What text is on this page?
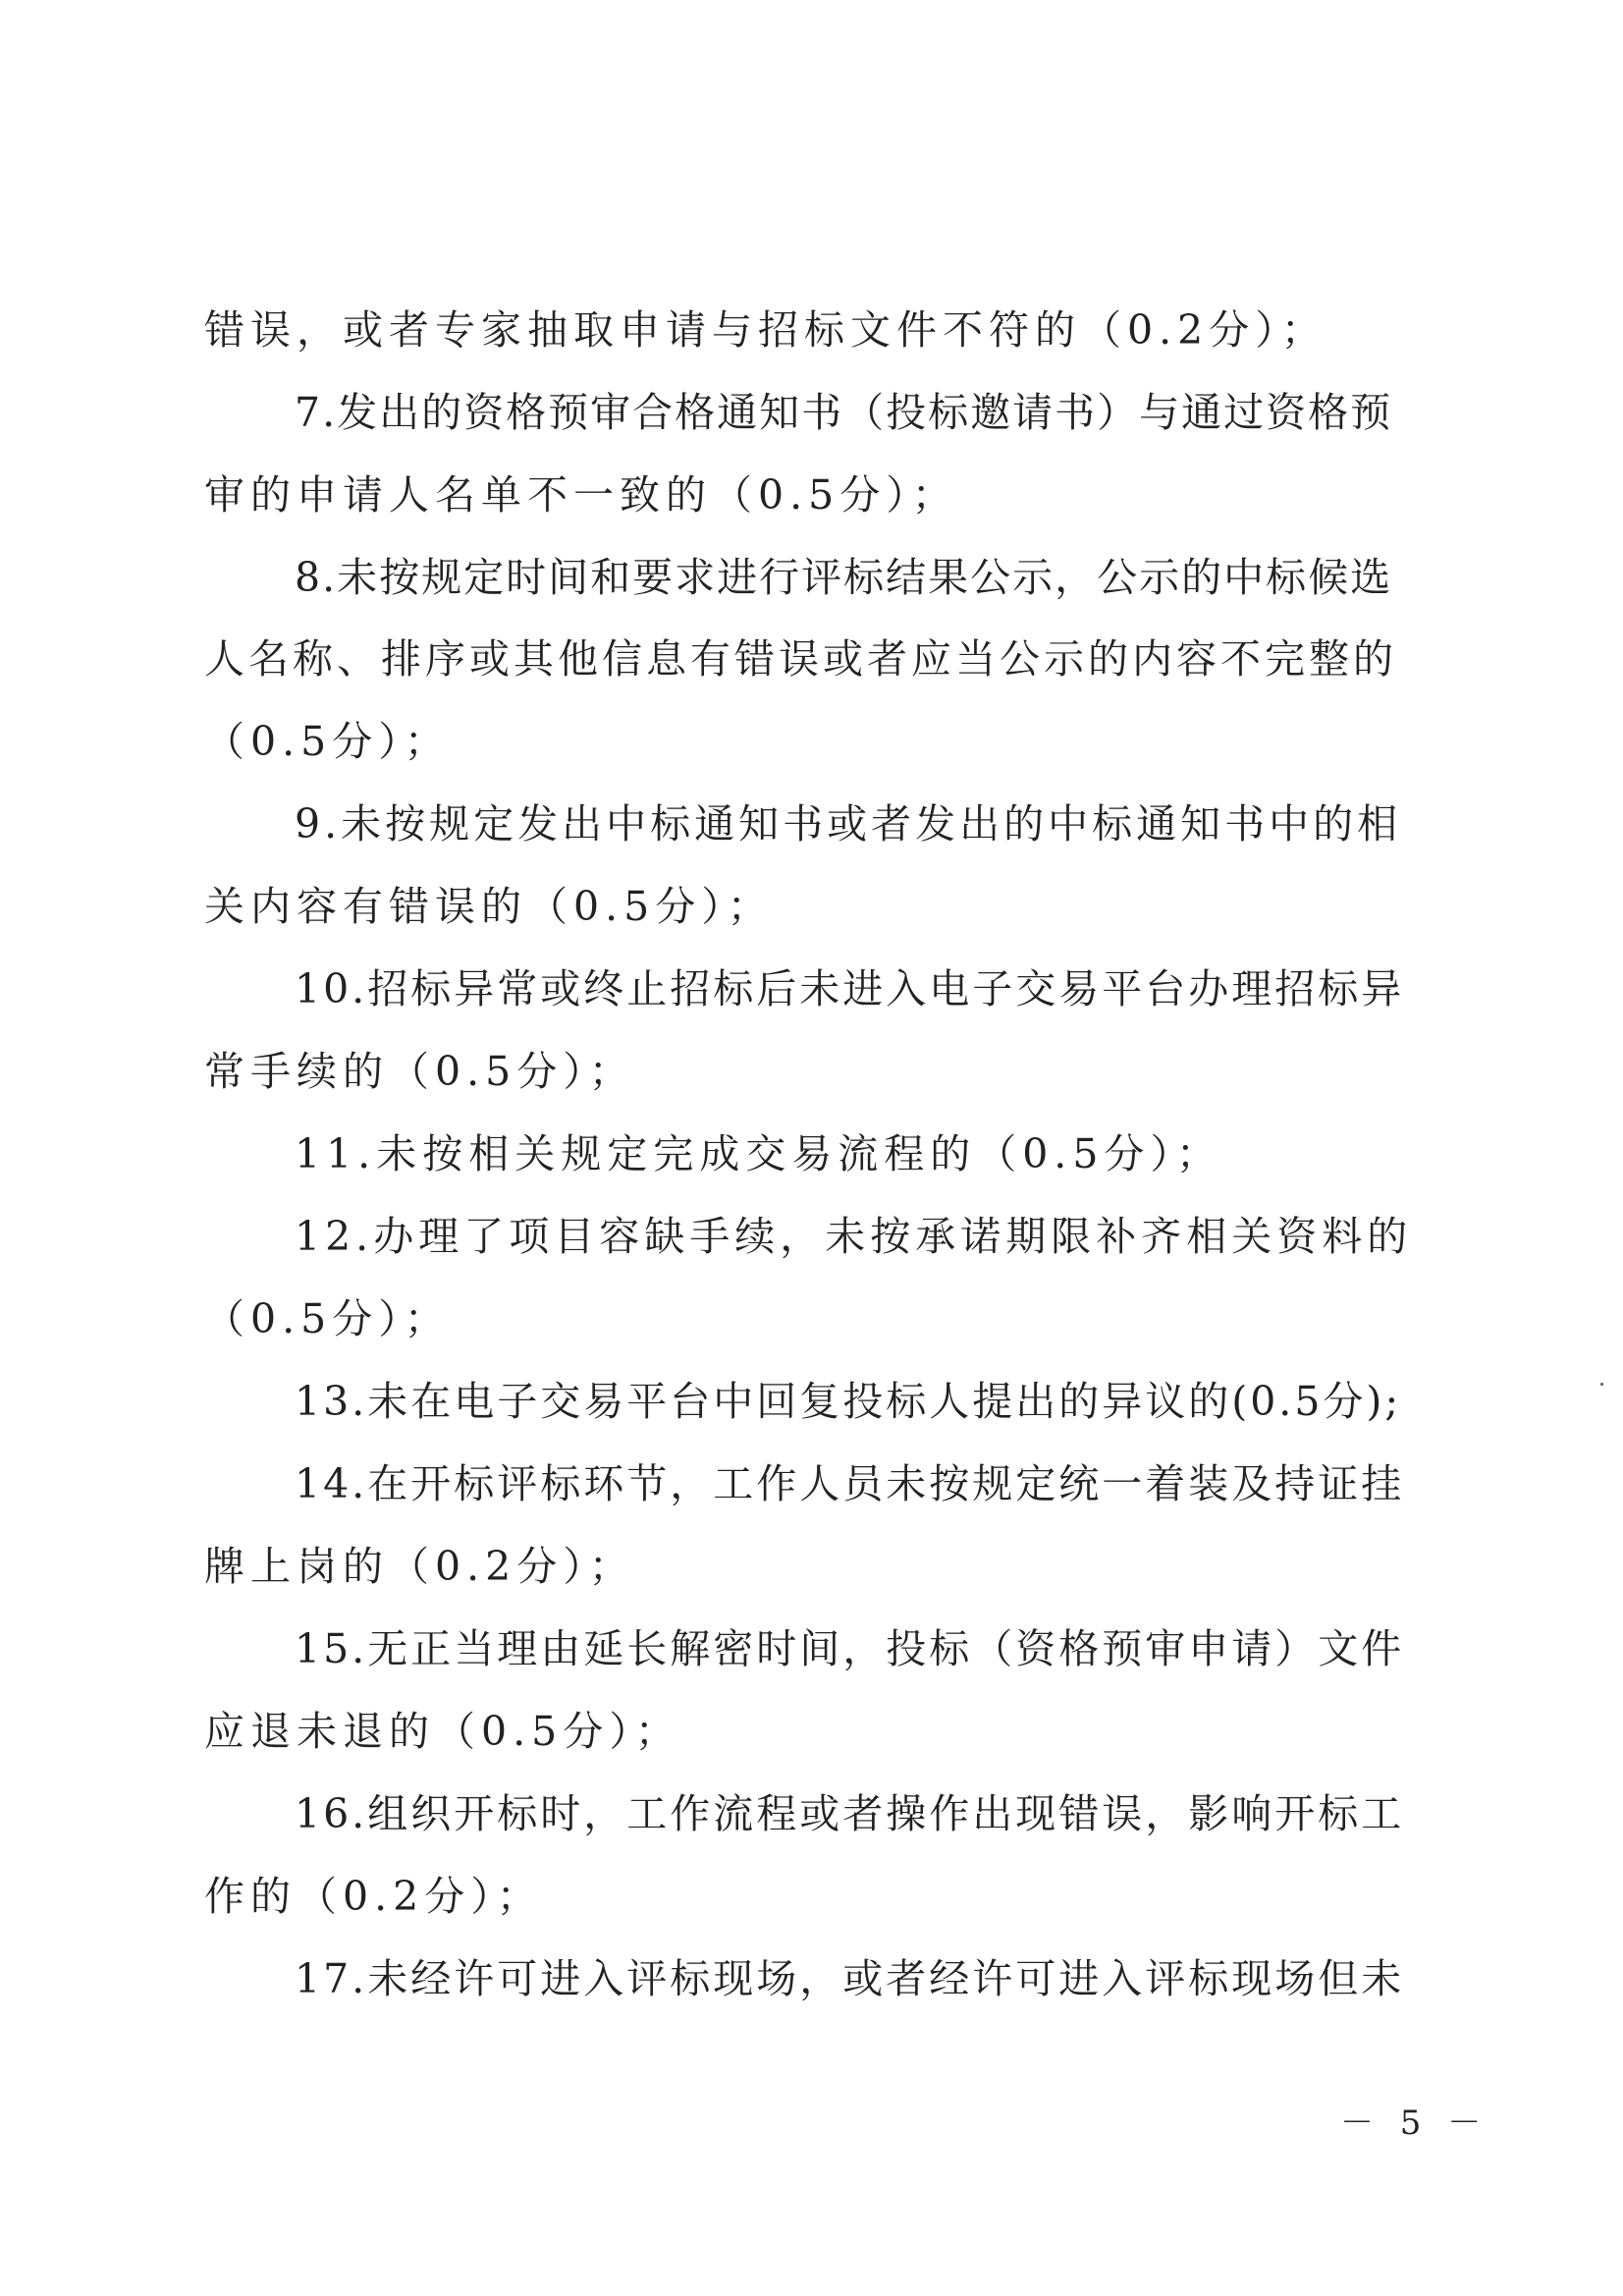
错误，或者专家抽取申请与招标文件不符的（0.2分）；

7.发出的资格预审合格通知书（投标邀请书）与通过资格预

审的申请人名单不一致的（0.5分）；

8.未按规定时间和要求进行评标结果公示，公示的中标候选

人名称、排序或其他信息有错误或者应当公示的内容不完整的

（0.5分）；

9.未按规定发出中标通知书或者发出的中标通知书中的相

关内容有错误的（0.5分）；

10.招标异常或终止招标后未进入电子交易平台办理招标异

常手续的（0.5分）；

11.未按相关规定完成交易流程的（0.5分）；

12.办理了项目容缺手续，未按承诺期限补齐相关资料的

（0.5分）；

13.未在电子交易平台中回复投标人提出的异议的(0.5分);

14.在开标评标环节，工作人员未按规定统一着装及持证挂

牌上岗的（0.2分）；

15.无正当理由延长解密时间，投标（资格预审申请）文件

应退未退的（0.5分）；

16.组织开标时，工作流程或者操作出现错误，影响开标工

作的（0.2分）；

17.未经许可进入评标现场，或者经许可进入评标现场但未

－ 5 －
